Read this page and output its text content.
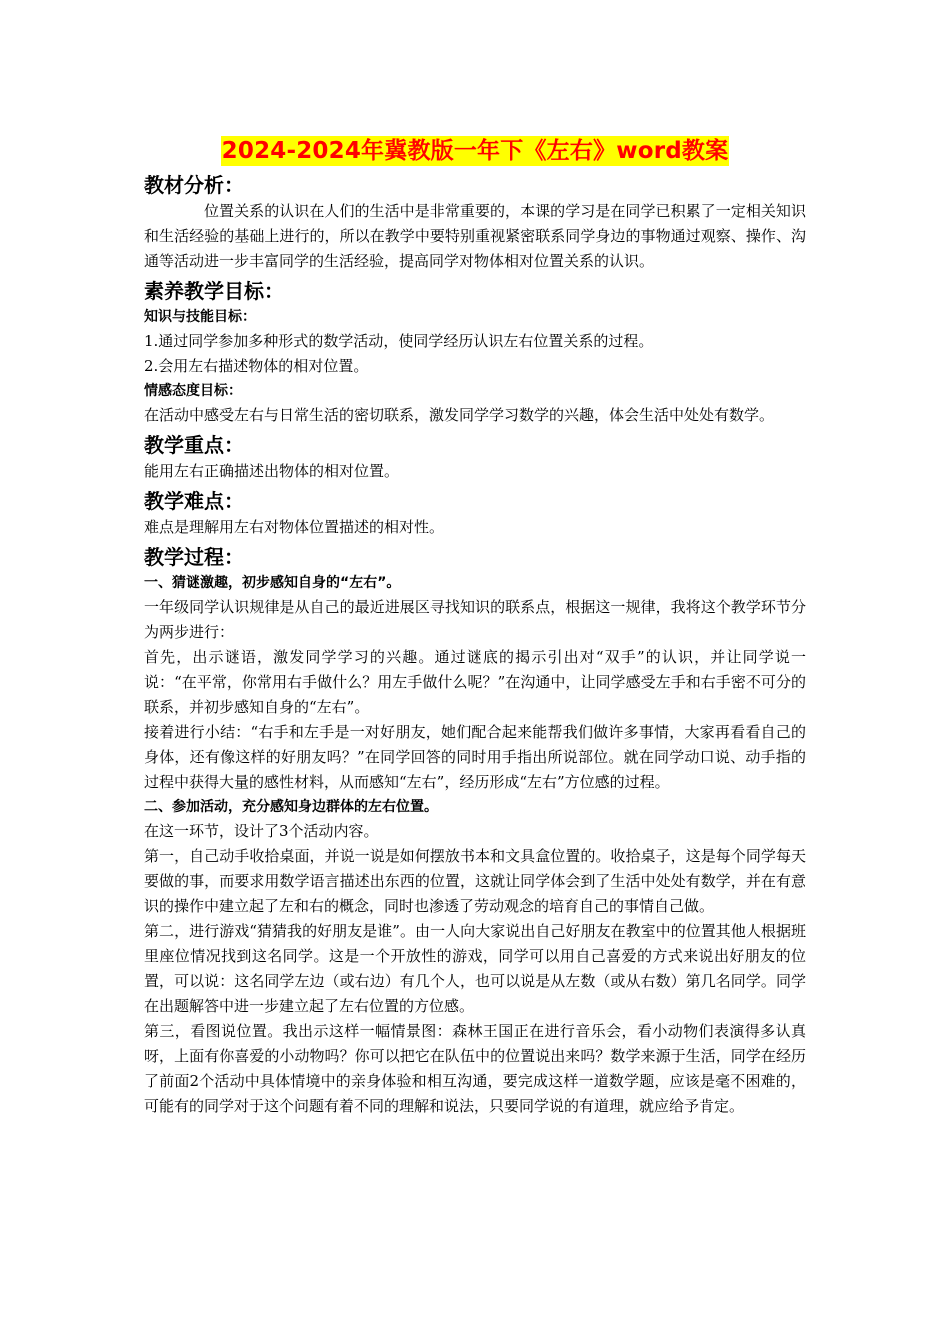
2024-2024年冀教版一年下《左右》word教案
教材分析：

位置关系的认识在人们的生活中是非常重要的，本课的学习是在同学已积累了一定相关知识和生活经验的基础上进行的，所以在教学中要特别重视紧密联系同学身边的事物通过观察、操作、沟通等活动进一步丰富同学的生活经验，提高同学对物体相对位置关系的认识。

素养教学目标：
知识与技能目标：

1.通过同学参加多种形式的数学活动，使同学经历认识左右位置关系的过程。

2.会用左右描述物体的相对位置。

情感态度目标：

在活动中感受左右与日常生活的密切联系，激发同学学习数学的兴趣，体会生活中处处有数学。

教学重点：

能用左右正确描述出物体的相对位置。

教学难点：

难点是理解用左右对物体位置描述的相对性。

教学过程：
一、猜谜激趣，初步感知自身的“左右”。

一年级同学认识规律是从自己的最近进展区寻找知识的联系点，根据这一规律，我将这个教学环节分为两步进行：

首先，出示谜语，激发同学学习的兴趣。通过谜底的揭示引出对“双手”的认识，并让同学说一说：“在平常，你常用右手做什么？用左手做什么呢？”在沟通中，让同学感受左手和右手密不可分的联系，并初步感知自身的“左右”。

接着进行小结：“右手和左手是一对好朋友，她们配合起来能帮我们做许多事情，大家再看看自己的身体，还有像这样的好朋友吗？”在同学回答的同时用手指出所说部位。就在同学动口说、动手指的过程中获得大量的感性材料，从而感知“左右”，经历形成“左右”方位感的过程。

二、参加活动，充分感知身边群体的左右位置。

在这一环节，设计了3个活动内容。

第一，自己动手收拾桌面，并说一说是如何摆放书本和文具盒位置的。收拾桌子，这是每个同学每天要做的事，而要求用数学语言描述出东西的位置，这就让同学体会到了生活中处处有数学，并在有意识的操作中建立起了左和右的概念，同时也渗透了劳动观念的培育自己的事情自己做。

第二，进行游戏“猜猜我的好朋友是谁”。由一人向大家说出自己好朋友在教室中的位置其他人根据班里座位情况找到这名同学。这是一个开放性的游戏，同学可以用自己喜爱的方式来说出好朋友的位置，可以说：这名同学左边（或右边）有几个人，也可以说是从左数（或从右数）第几名同学。同学在出题解答中进一步建立起了左右位置的方位感。

第三，看图说位置。我出示这样一幅情景图：森林王国正在进行音乐会，看小动物们表演得多认真呀，上面有你喜爱的小动物吗？你可以把它在队伍中的位置说出来吗？数学来源于生活，同学在经历了前面2个活动中具体情境中的亲身体验和相互沟通，要完成这样一道数学题，应该是毫不困难的，可能有的同学对于这个问题有着不同的理解和说法，只要同学说的有道理，就应给予肯定。
